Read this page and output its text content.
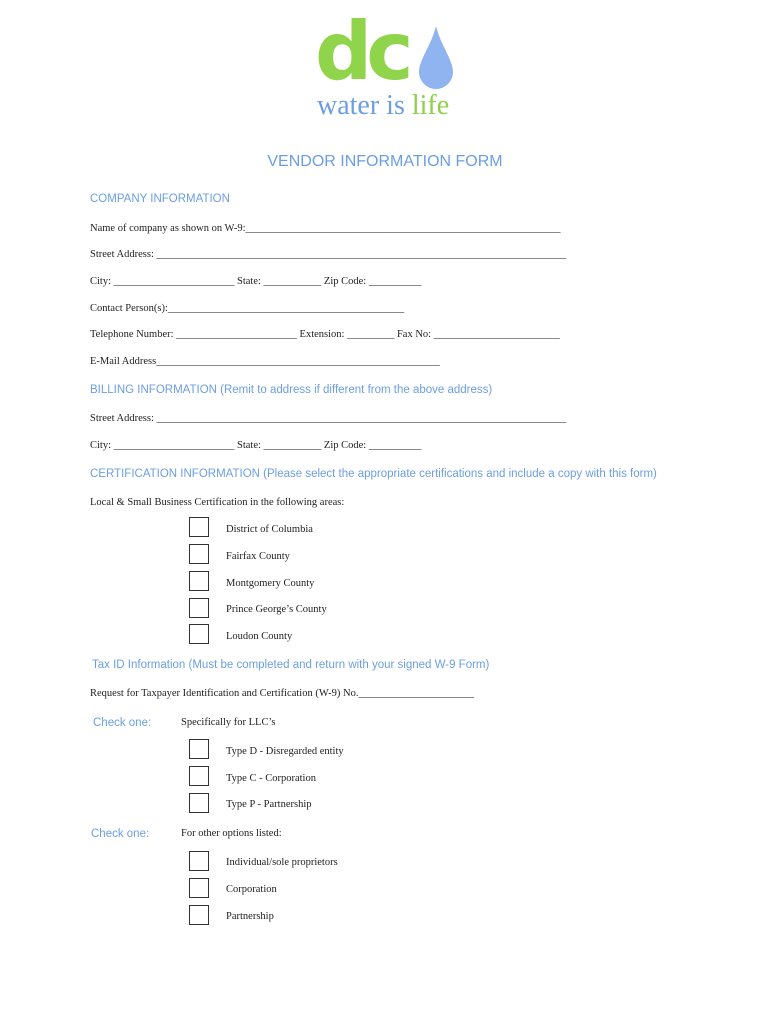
dc
water is life
VENDOR INFORMATION FORM
COMPANY INFORMATION
Name of company as shown on W-9:____________________________________________________________
Street Address: ______________________________________________________________________________
City: _______________________ State: ___________ Zip Code: __________
Contact Person(s):_____________________________________________
Telephone Number: _______________________ Extension: _________ Fax No: ________________________
E-Mail Address______________________________________________________
BILLING INFORMATION (Remit to address if different from the above address)
Street Address: ______________________________________________________________________________
City: _______________________ State: ___________ Zip Code: __________
CERTIFICATION INFORMATION (Please select the appropriate certifications and include a copy with this form)
Local & Small Business Certification in the following areas:
District of Columbia
Fairfax County
Montgomery County
Prince George’s County
Loudon County
Tax ID Information (Must be completed and return with your signed W-9 Form)
Request for Taxpayer Identification and Certification (W-9) No.______________________
Check one:	Specifically for LLC’s
Type D - Disregarded entity
Type C - Corporation
Type P - Partnership
Check one:	For other options listed:
Individual/sole proprietors
Corporation
Partnership
